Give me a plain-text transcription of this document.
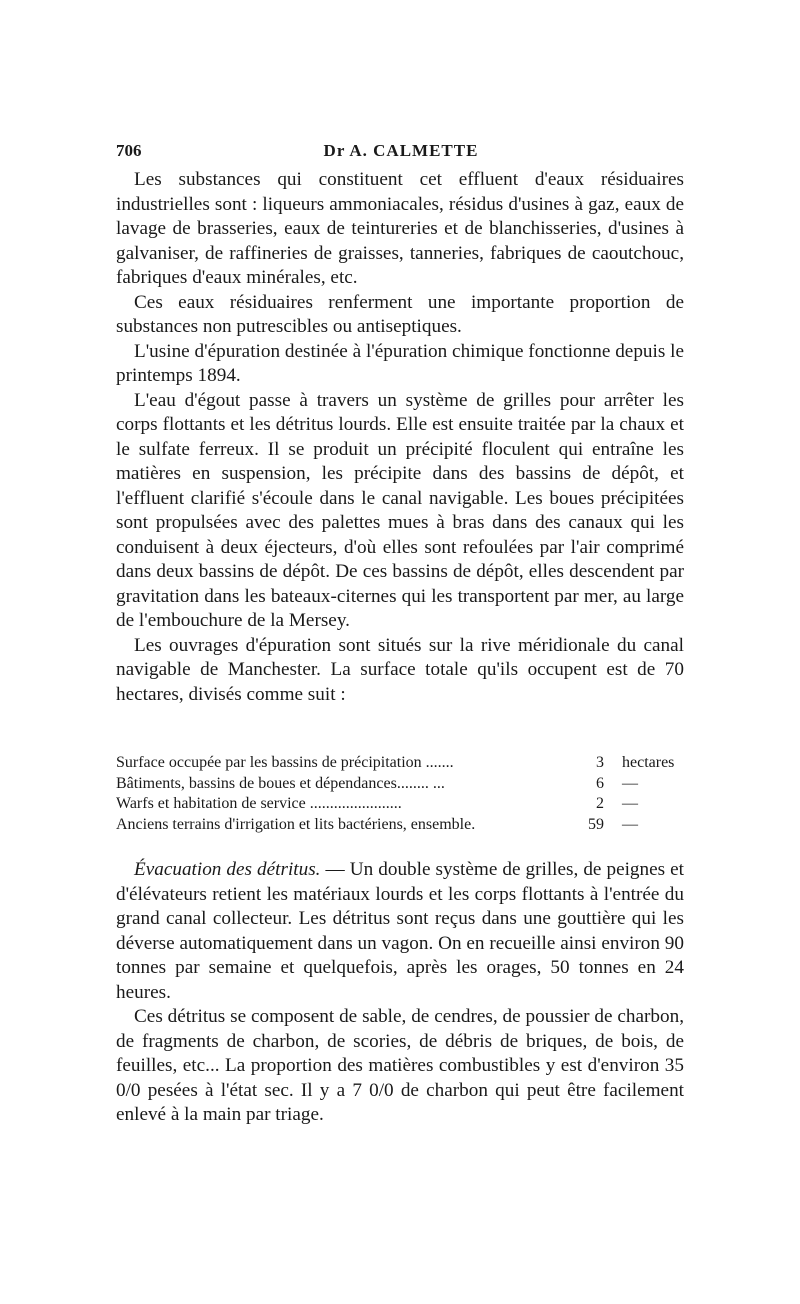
706	Dr A. CALMETTE

Les substances qui constituent cet effluent d'eaux résiduaires industrielles sont : liqueurs ammoniacales, résidus d'usines à gaz, eaux de lavage de brasseries, eaux de teintureries et de blanchisseries, d'usines à galvaniser, de raffineries de graisses, tanneries, fabriques de caoutchouc, fabriques d'eaux minérales, etc.

Ces eaux résiduaires renferment une importante proportion de substances non putrescibles ou antiseptiques.

L'usine d'épuration destinée à l'épuration chimique fonctionne depuis le printemps 1894.

L'eau d'égout passe à travers un système de grilles pour arrêter les corps flottants et les détritus lourds. Elle est ensuite traitée par la chaux et le sulfate ferreux. Il se produit un précipité floculent qui entraîne les matières en suspension, les précipite dans des bassins de dépôt, et l'effluent clarifié s'écoule dans le canal navigable. Les boues précipitées sont propulsées avec des palettes mues à bras dans des canaux qui les conduisent à deux éjecteurs, d'où elles sont refoulées par l'air comprimé dans deux bassins de dépôt. De ces bassins de dépôt, elles descendent par gravitation dans les bateaux-citernes qui les transportent par mer, au large de l'embouchure de la Mersey.

Les ouvrages d'épuration sont situés sur la rive méridionale du canal navigable de Manchester. La surface totale qu'ils occupent est de 70 hectares, divisés comme suit :

Surface occupée par les bassins de précipitation .......	3 hectares
Bâtiments, bassins de boues et dépendances........ ...	6 —
Warfs et habitation de service .......................	2 —
Anciens terrains d'irrigation et lits bactériens, ensemble.	59 —

Évacuation des détritus. — Un double système de grilles, de peignes et d'élévateurs retient les matériaux lourds et les corps flottants à l'entrée du grand canal collecteur. Les détritus sont reçus dans une gouttière qui les déverse automatiquement dans un vagon. On en recueille ainsi environ 90 tonnes par semaine et quelquefois, après les orages, 50 tonnes en 24 heures.

Ces détritus se composent de sable, de cendres, de poussier de charbon, de fragments de charbon, de scories, de débris de briques, de bois, de feuilles, etc... La proportion des matières combustibles y est d'environ 35 0/0 pesées à l'état sec. Il y a 7 0/0 de charbon qui peut être facilement enlevé à la main par triage.
